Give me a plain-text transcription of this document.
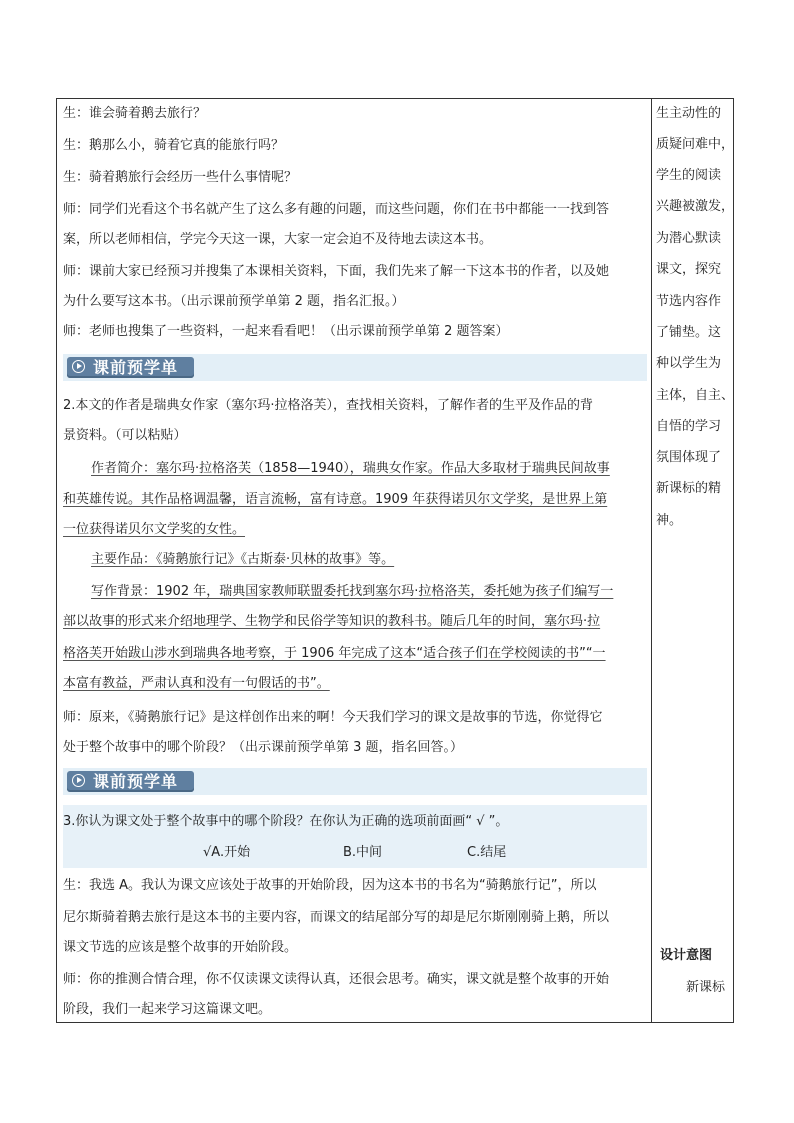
生：谁会骑着鹅去旅行？
生：鹅那么小，骑着它真的能旅行吗？
生：骑着鹅旅行会经历一些什么事情呢？
师：同学们光看这个书名就产生了这么多有趣的问题，而这些问题，你们在书中都能一一找到答
案，所以老师相信，学完今天这一课，大家一定会迫不及待地去读这本书。
师：课前大家已经预习并搜集了本课相关资料，下面，我们先来了解一下这本书的作者，以及她
为什么要写这本书。（出示课前预学单第 2 题，指名汇报。）
师：老师也搜集了一些资料，一起来看看吧！（出示课前预学单第 2 题答案）
课前预学单
2.本文的作者是瑞典女作家（塞尔玛·拉格洛芙），查找相关资料，了解作者的生平及作品的背
景资料。（可以粘贴）
作者简介：塞尔玛·拉格洛芙（1858—1940），瑞典女作家。作品大多取材于瑞典民间故事
和英雄传说。其作品格调温馨，语言流畅，富有诗意。1909 年获得诺贝尔文学奖，是世界上第
一位获得诺贝尔文学奖的女性。
主要作品：《骑鹅旅行记》《古斯泰·贝林的故事》等。
写作背景：1902 年，瑞典国家教师联盟委托找到塞尔玛·拉格洛芙，委托她为孩子们编写一
部以故事的形式来介绍地理学、生物学和民俗学等知识的教科书。随后几年的时间，塞尔玛·拉
格洛芙开始跋山涉水到瑞典各地考察，于 1906 年完成了这本“适合孩子们在学校阅读的书”“一
本富有教益，严肃认真和没有一句假话的书”。
师：原来，《骑鹅旅行记》是这样创作出来的啊！今天我们学习的课文是故事的节选，你觉得它
处于整个故事中的哪个阶段？（出示课前预学单第 3 题，指名回答。）
课前预学单
3.你认为课文处于整个故事中的哪个阶段？在你认为正确的选项前面画“ √ ”。
√A.开始	B.中间	C.结尾
生：我选 A。我认为课文应该处于故事的开始阶段，因为这本书的书名为“骑鹅旅行记”，所以
尼尔斯骑着鹅去旅行是这本书的主要内容，而课文的结尾部分写的却是尼尔斯刚刚骑上鹅，所以
课文节选的应该是整个故事的开始阶段。
师：你的推测合情合理，你不仅读课文读得认真，还很会思考。确实，课文就是整个故事的开始
阶段，我们一起来学习这篇课文吧。
生主动性的
质疑问难中，
学生的阅读
兴趣被激发，
为潜心默读
课文，探究
节选内容作
了铺垫。这
种以学生为
主体，自主、
自悟的学习
氛围体现了
新课标的精
神。
设计意图
新课标
